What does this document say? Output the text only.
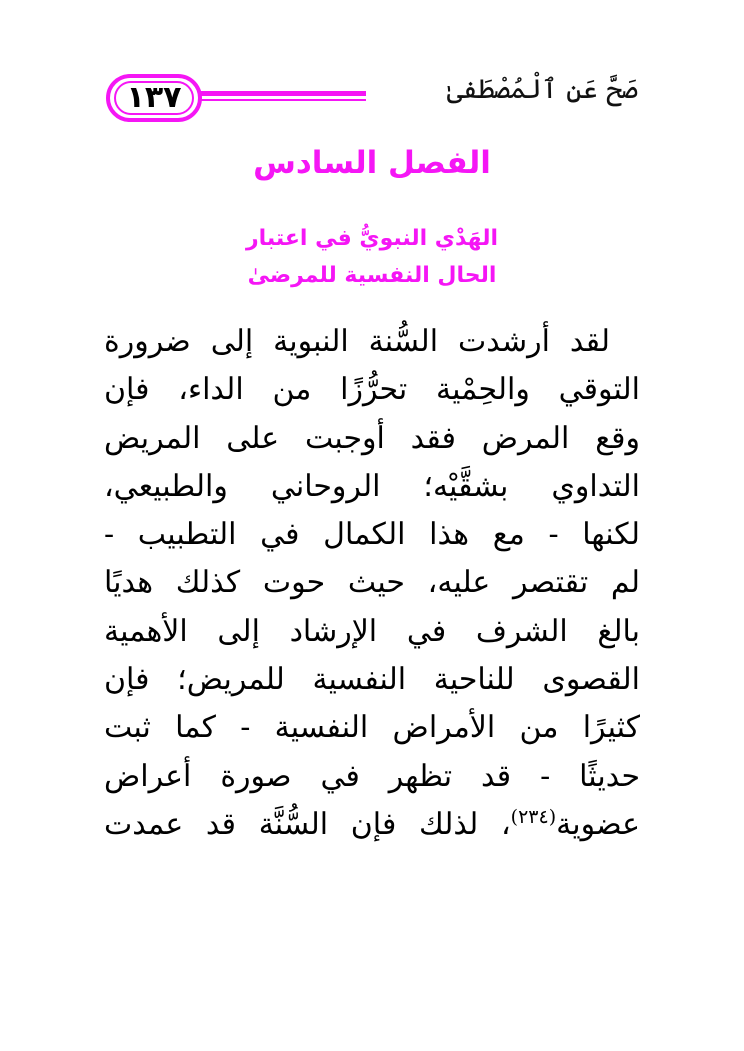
١٣٧	صَحَّ عَنِ ٱلْمُصْطَفىٰ
الفصل السادس
الهَدْي النبويُّ في اعتبار
الحال النفسية للمرضىٰ
لقد أرشدت السُّنة النبوية إلى ضرورة
التوقي والحِمْية تحرُّزًا من الداء، فإن
وقع المرض فقد أوجبت على المريض
التداوي بشقَّيْه؛ الروحاني والطبيعي،
لكنها - مع هذا الكمال في التطبيب -
لم تقتصر عليه، حيث حوت كذلك هديًا
بالغ الشرف في الإرشاد إلى الأهمية
القصوى للناحية النفسية للمريض؛ فإن
كثيرًا من الأمراض النفسية - كما ثبت
حديثًا - قد تظهر في صورة أعراض
عضوية$^{(٢٣٤)}$، لذلك فإن السُّنَّة قد عمدت
